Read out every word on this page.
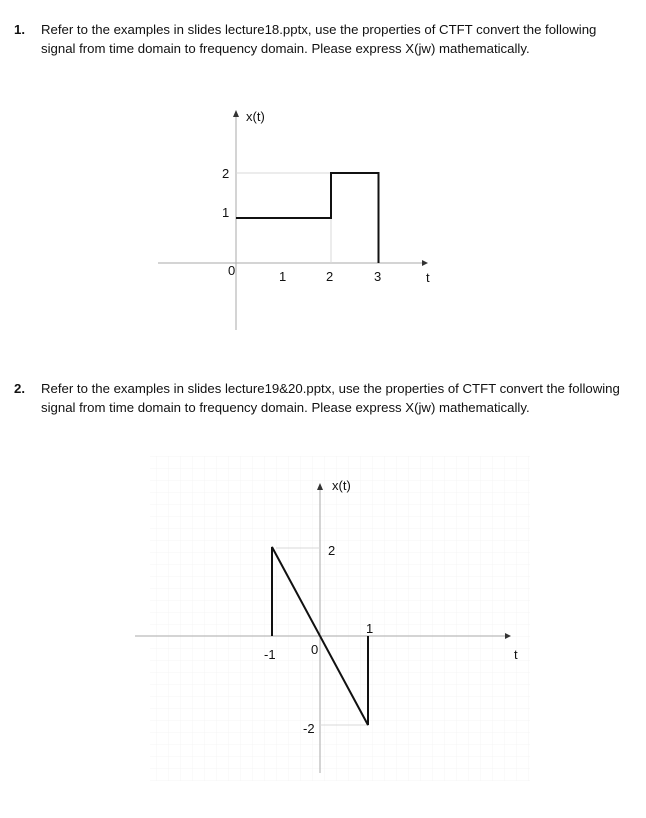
1. Refer to the examples in slides lecture18.pptx, use the properties of CTFT convert the following signal from time domain to frequency domain. Please express X(jw) mathematically.
2. Refer to the examples in slides lecture19&20.pptx, use the properties of CTFT convert the following signal from time domain to frequency domain. Please express X(jw) mathematically.
x(t)
t
0	1	2	3
1
2
x(t)
t
-1	0
1
2
-2
